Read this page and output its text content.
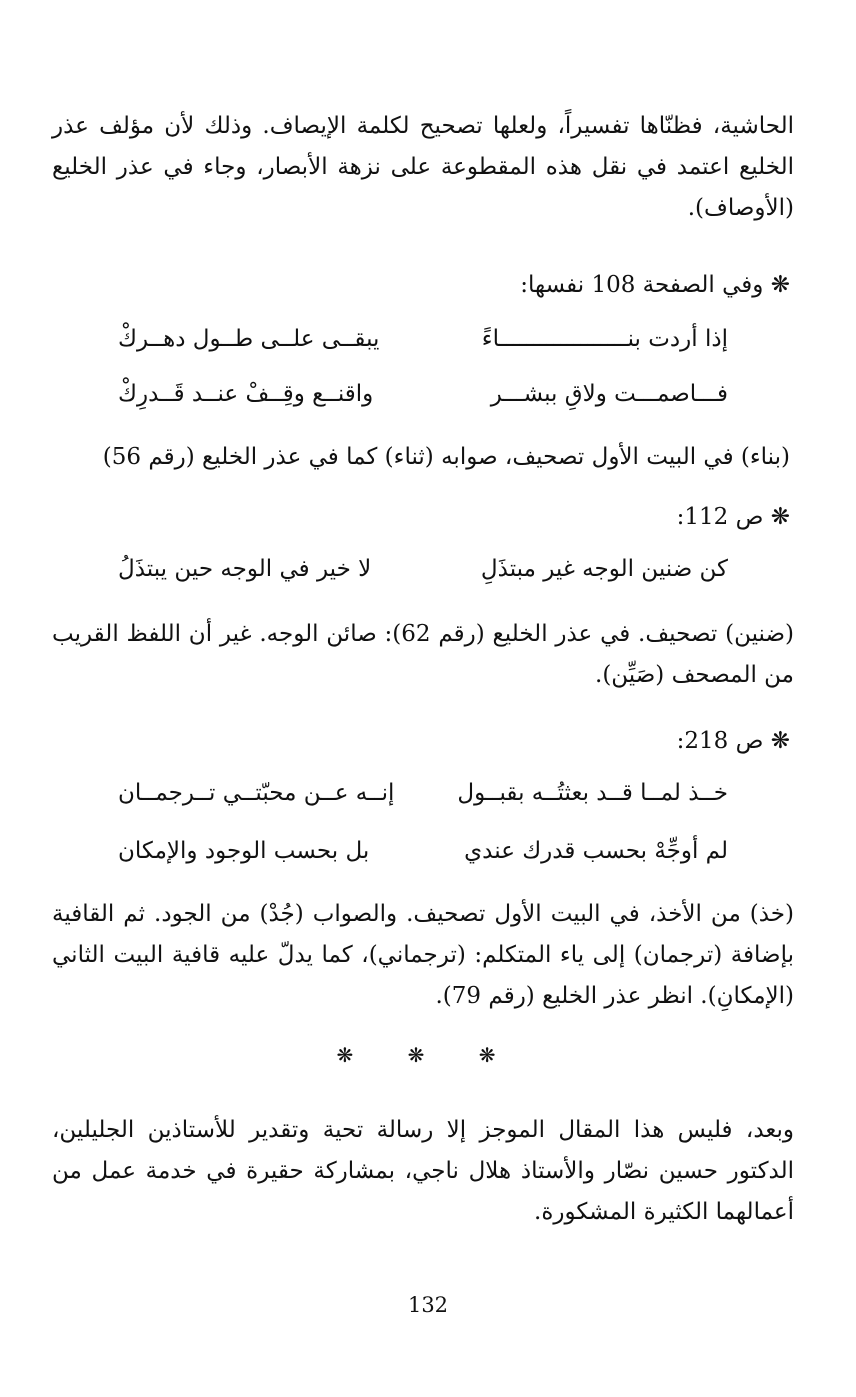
الحاشية، فظنّاها تفسيراً، ولعلها تصحيح لكلمة الإيصاف. وذلك لأن مؤلف عذر الخليع اعتمد في نقل هذه المقطوعة على نزهة الأبصار، وجاء في عذر الخليع (الأوصاف).

❋ وفي الصفحة 108 نفسها:

إذا أردت بنـــــــــــــــــــاءً
يبقــى علــى طــول دهــركْ
فـــاصمـــت ولاقِ ببشـــر
واقنــع وقِــفْ عنــد قَــدرِكْ

(بناء) في البيت الأول تصحيف، صوابه (ثناء) كما في عذر الخليع (رقم 56)

❋ ص 112:

كن ضنين الوجه غير مبتذَلِ
لا خير في الوجه حين يبتذَلُ

(ضنين) تصحيف. في عذر الخليع (رقم 62): صائن الوجه. غير أن اللفظ القريب من المصحف (صَيِّن).

❋ ص 218:

خــذ لمــا قــد بعثتُــه بقبــول
إنــه عــن محبّتــي تــرجمــان
لم أوجِّهْ بحسب قدرك عندي
بل بحسب الوجود والإمكان

(خذ) من الأخذ، في البيت الأول تصحيف. والصواب (جُدْ) من الجود. ثم القافية بإضافة (ترجمان) إلى ياء المتكلم: (ترجماني)، كما يدلّ عليه قافية البيت الثاني (الإمكانِ). انظر عذر الخليع (رقم 79).

❋ ❋ ❋

وبعد، فليس هذا المقال الموجز إلا رسالة تحية وتقدير للأستاذين الجليلين، الدكتور حسين نصّار والأستاذ هلال ناجي، بمشاركة حقيرة في خدمة عمل من أعمالهما الكثيرة المشكورة.

132
